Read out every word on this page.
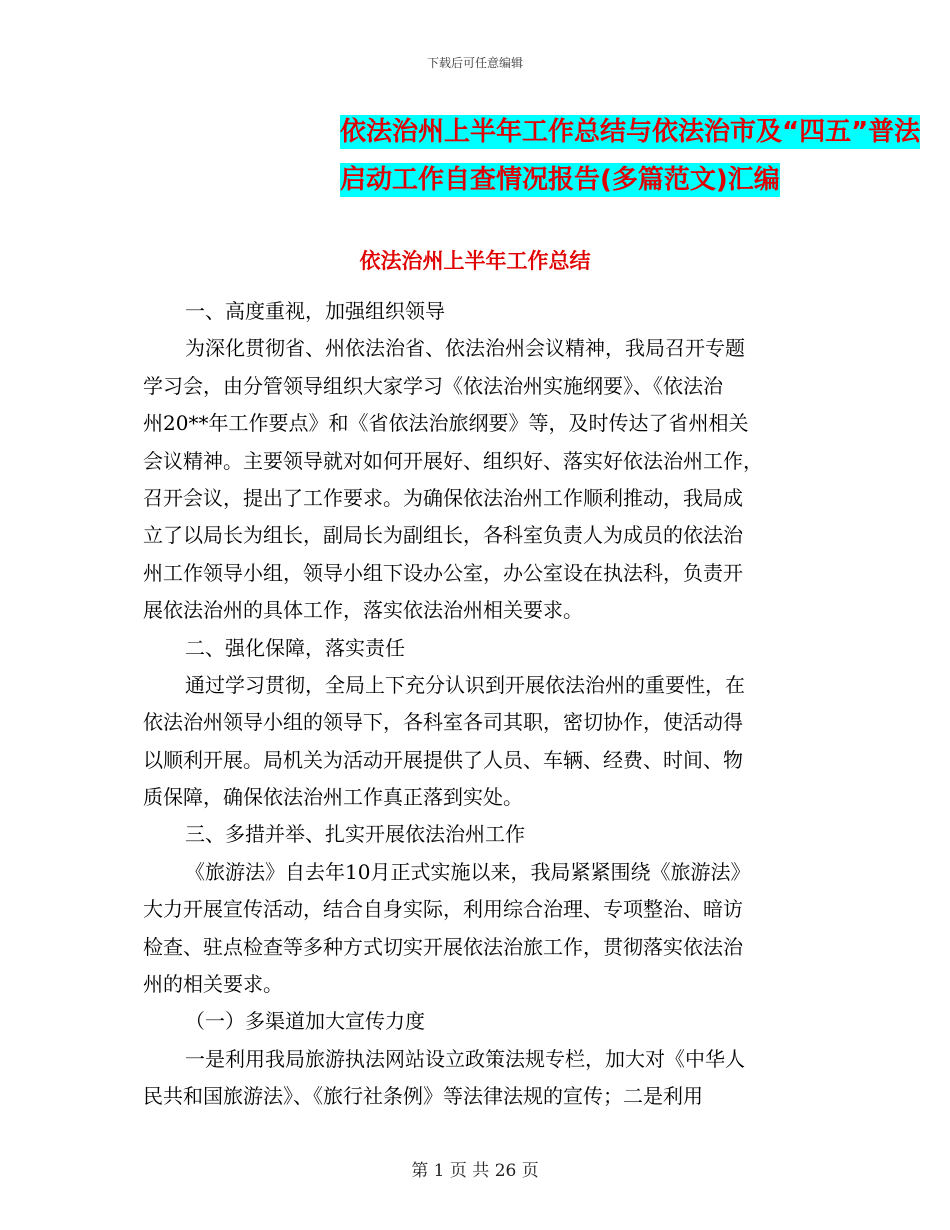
下载后可任意编辑
依法治州上半年工作总结与依法治市及“四五”普法
启动工作自查情况报告(多篇范文)汇编
依法治州上半年工作总结
一、高度重视，加强组织领导
为深化贯彻省、州依法治省、依法治州会议精神，我局召开专题
学习会，由分管领导组织大家学习《依法治州实施纲要》、《依法治
州20**年工作要点》和《省依法治旅纲要》等，及时传达了省州相关
会议精神。主要领导就对如何开展好、组织好、落实好依法治州工作，
召开会议，提出了工作要求。为确保依法治州工作顺利推动，我局成
立了以局长为组长，副局长为副组长，各科室负责人为成员的依法治
州工作领导小组，领导小组下设办公室，办公室设在执法科，负责开
展依法治州的具体工作，落实依法治州相关要求。
二、强化保障，落实责任
通过学习贯彻，全局上下充分认识到开展依法治州的重要性，在
依法治州领导小组的领导下，各科室各司其职，密切协作，使活动得
以顺利开展。局机关为活动开展提供了人员、车辆、经费、时间、物
质保障，确保依法治州工作真正落到实处。
三、多措并举、扎实开展依法治州工作
《旅游法》自去年10月正式实施以来，我局紧紧围绕《旅游法》
大力开展宣传活动，结合自身实际，利用综合治理、专项整治、暗访
检查、驻点检查等多种方式切实开展依法治旅工作，贯彻落实依法治
州的相关要求。
（一）多渠道加大宣传力度
一是利用我局旅游执法网站设立政策法规专栏，加大对《中华人
民共和国旅游法》、《旅行社条例》等法律法规的宣传；二是利用
第 1 页 共 26 页
